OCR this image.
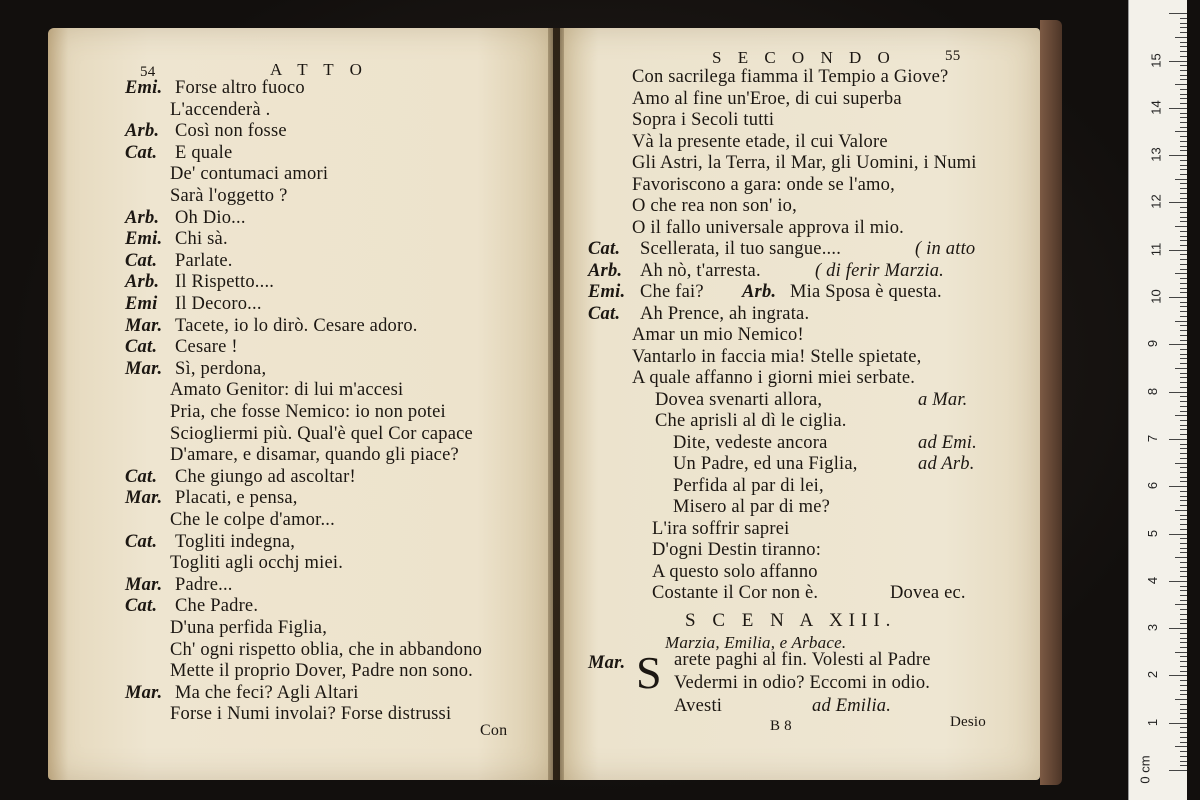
54	A T T O
Emi. Forse altro fuoco
L'accenderà .
Arb. Così non fosse
Cat. E quale
De' contumaci amori
Sarà l'oggetto ?
Arb. Oh Dio...
Emi. Chi sà.
Cat. Parlate.
Arb. Il Rispetto....
Emi Il Decoro...
Mar. Tacete, io lo dirò. Cesare adoro.
Cat. Cesare !
Mar. Sì, perdona,
Amato Genitor: di lui m'accesi
Pria, che fosse Nemico: io non potei
Sciogliermi più. Qual'è quel Cor capace
D'amare, e disamar, quando gli piace?
Cat. Che giungo ad ascoltar!
Mar. Placati, e pensa,
Che le colpe d'amor...
Cat. Togliti indegna,
Togliti agli occhj miei.
Mar. Padre...
Cat. Che Padre.
D'una perfida Figlia,
Ch' ogni rispetto oblia, che in abbandono
Mette il proprio Dover, Padre non sono.
Mar. Ma che feci? Agli Altari
Forse i Numi involai? Forse distrussi
Con
S E C O N D O	55
Con sacrilega fiamma il Tempio a Giove?
Amo al fine un'Eroe, di cui superba
Sopra i Secoli tutti
Và la presente etade, il cui Valore
Gli Astri, la Terra, il Mar, gli Uomini, i Numi
Favoriscono a gara: onde se l'amo,
O che rea non son' io,
O il fallo universale approva il mio.
Cat. Scellerata, il tuo sangue....	( in atto
Arb. Ah nò, t'arresta.	( di ferir Marzia.
Emi. Che fai? Arb. Mia Sposa è questa.
Cat. Ah Prence, ah ingrata.
Amar un mio Nemico!
Vantarlo in faccia mia! Stelle spietate,
A quale affanno i giorni miei serbate.
Dovea svenarti allora,	a Mar.
Che aprisli al dì le ciglia.
Dite, vedeste ancora	ad Emi.
Un Padre, ed una Figlia,	ad Arb.
Perfida al par di lei,
Misero al par di me?
L'ira soffrir saprei
D'ogni Destin tiranno:
A questo solo affanno
Costante il Cor non è.	Dovea ec.
S C E N A XIII.
Marzia, Emilia, e Arbace.
Mar. S arete paghi al fin. Volesti al Padre
Vedermi in odio? Eccomi in odio.
Avesti	ad Emilia.
B 8	Desio
0 cm
1
2
3
4
5
6
7
8
9
10
11
12
13
14
15
